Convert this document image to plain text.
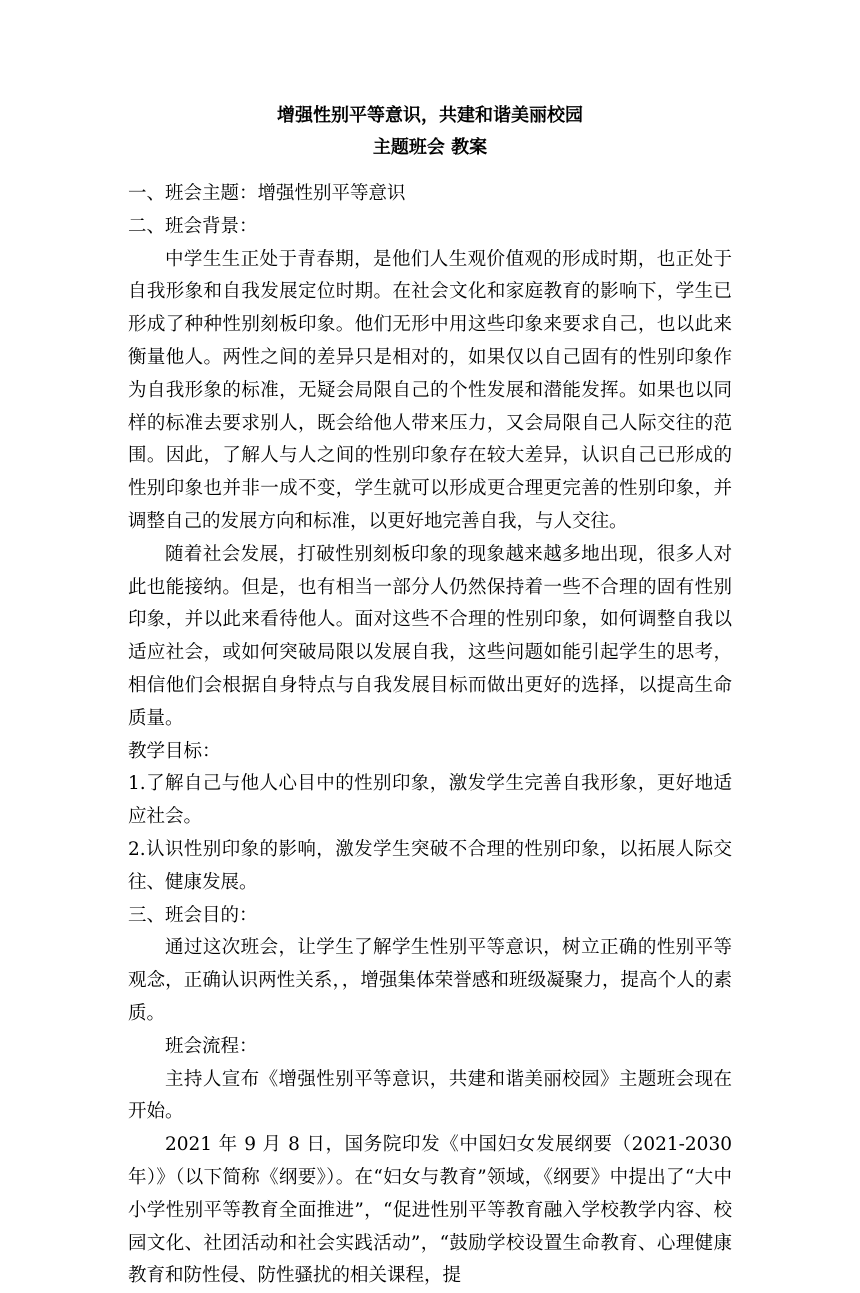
增强性别平等意识，共建和谐美丽校园
主题班会 教案

一、班会主题：增强性别平等意识

二、班会背景：

中学生生正处于青春期，是他们人生观价值观的形成时期，也正处于自我形象和自我发展定位时期。在社会文化和家庭教育的影响下，学生已形成了种种性别刻板印象。他们无形中用这些印象来要求自己，也以此来衡量他人。两性之间的差异只是相对的，如果仅以自己固有的性别印象作为自我形象的标准，无疑会局限自己的个性发展和潜能发挥。如果也以同样的标准去要求别人，既会给他人带来压力，又会局限自己人际交往的范围。因此，了解人与人之间的性别印象存在较大差异，认识自己已形成的性别印象也并非一成不变，学生就可以形成更合理更完善的性别印象，并调整自己的发展方向和标准，以更好地完善自我，与人交往。

随着社会发展，打破性别刻板印象的现象越来越多地出现，很多人对此也能接纳。但是，也有相当一部分人仍然保持着一些不合理的固有性别印象，并以此来看待他人。面对这些不合理的性别印象，如何调整自我以适应社会，或如何突破局限以发展自我，这些问题如能引起学生的思考，相信他们会根据自身特点与自我发展目标而做出更好的选择，以提高生命质量。

教学目标：

1.了解自己与他人心目中的性别印象，激发学生完善自我形象，更好地适应社会。

2.认识性别印象的影响，激发学生突破不合理的性别印象，以拓展人际交往、健康发展。

三、班会目的：

通过这次班会，让学生了解学生性别平等意识，树立正确的性别平等观念，正确认识两性关系，，增强集体荣誉感和班级凝聚力，提高个人的素质。

班会流程：

主持人宣布《增强性别平等意识，共建和谐美丽校园》主题班会现在开始。

2021 年 9 月 8 日，国务院印发《中国妇女发展纲要（2021-2030 年）》（以下简称《纲要》）。在“妇女与教育”领域，《纲要》中提出了“大中小学性别平等教育全面推进”，“促进性别平等教育融入学校教学内容、校园文化、社团活动和社会实践活动”，“鼓励学校设置生命教育、心理健康教育和防性侵、防性骚扰的相关课程，提
